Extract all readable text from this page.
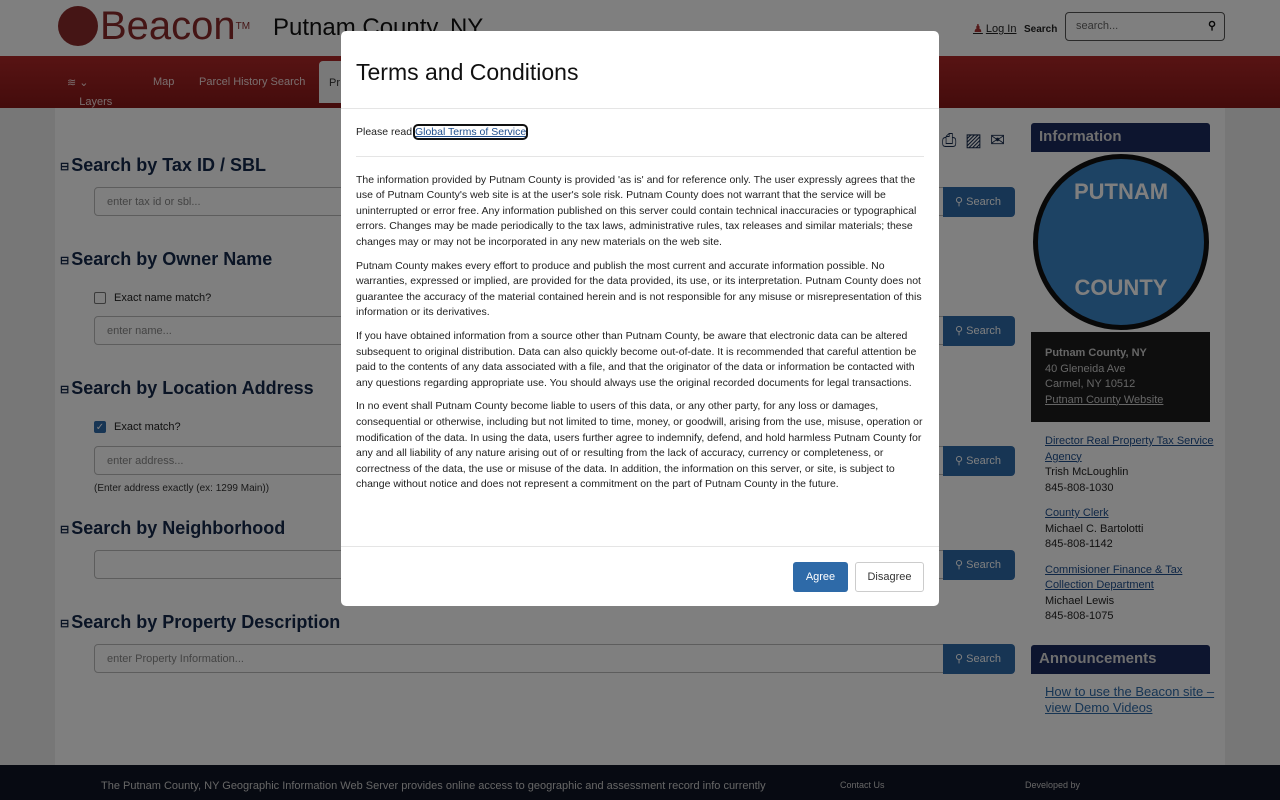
⊟
⊟
⊟
⊟
⊟
Terms and Conditions
Please read Global Terms of Service

The information provided by Putnam County is provided 'as is' and for reference only. The user expressly agrees that the use of Putnam County's web site is at the user's sole risk. Putnam County does not warrant that the service will be uninterrupted or error free. Any information published on this server could contain technical inaccuracies or typographical errors. Changes may be made periodically to the tax laws, administrative rules, tax releases and similar materials; these changes may or may not be incorporated in any new materials on the web site.

Putnam County makes every effort to produce and publish the most current and accurate information possible. No warranties, expressed or implied, are provided for the data provided, its use, or its interpretation. Putnam County does not guarantee the accuracy of the material contained herein and is not responsible for any misuse or misrepresentation of this information or its derivatives.

If you have obtained information from a source other than Putnam County, be aware that electronic data can be altered subsequent to original distribution. Data can also quickly become out-of-date. It is recommended that careful attention be paid to the contents of any data associated with a file, and that the originator of the data or information be contacted with any questions regarding appropriate use. You should always use the original recorded documents for legal transactions.

In no event shall Putnam County become liable to users of this data, or any other party, for any loss or damages, consequential or otherwise, including but not limited to time, money, or goodwill, arising from the use, misuse, operation or modification of the data. In using the data, users further agree to indemnify, defend, and hold harmless Putnam County for any and all liability of any nature arising out of or resulting from the lack of accuracy, currency or completeness, or correctness of the data, the use or misuse of the data. In addition, the information on this server, or site, is subject to change without notice and does not represent a commitment on the part of Putnam County in the future.

Agree	Disagree
